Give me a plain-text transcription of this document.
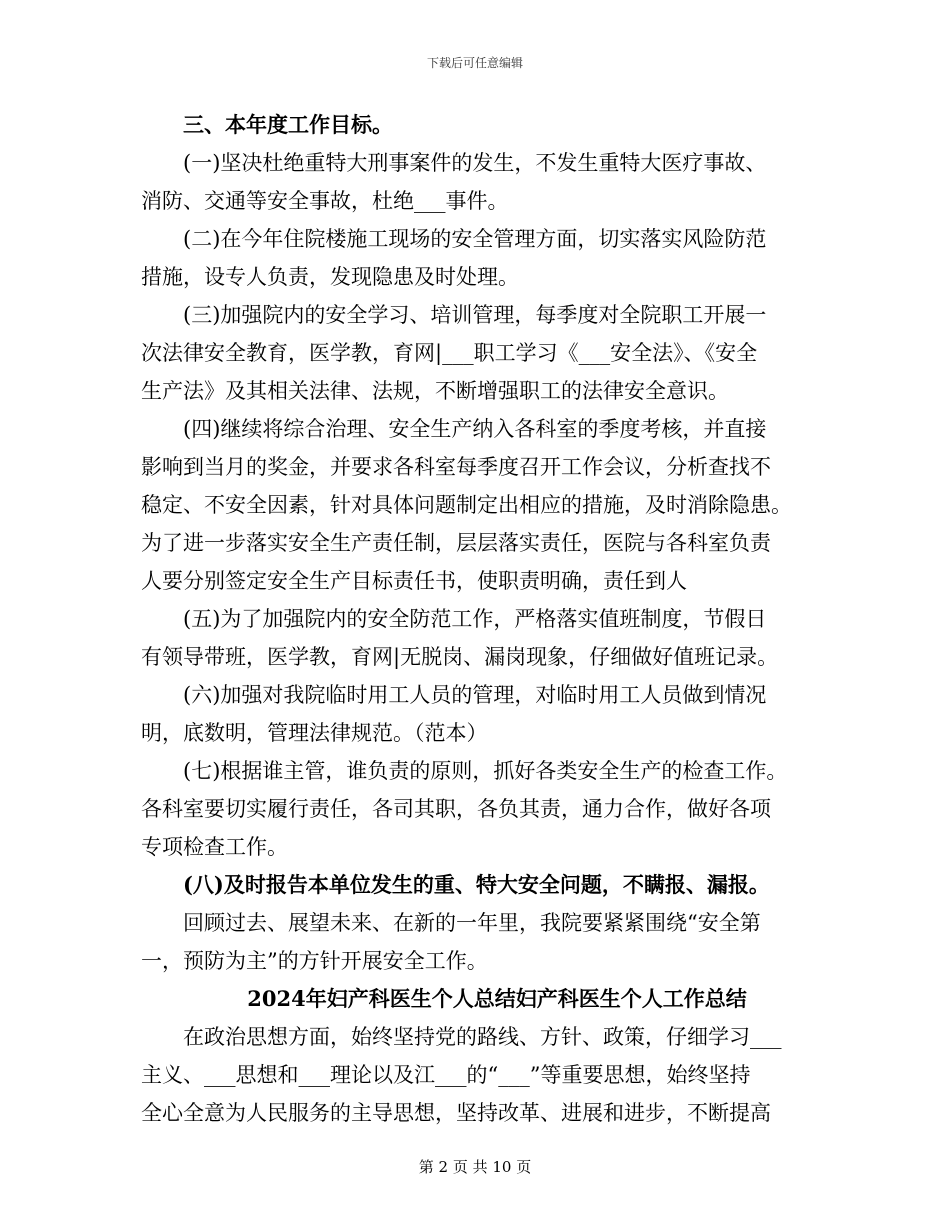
下载后可任意编辑
三、本年度工作目标。
(一)坚决杜绝重特大刑事案件的发生，不发生重特大医疗事故、
消防、交通等安全事故，杜绝___事件。
(二)在今年住院楼施工现场的安全管理方面，切实落实风险防范
措施，设专人负责，发现隐患及时处理。
(三)加强院内的安全学习、培训管理，每季度对全院职工开展一
次法律安全教育，医学教，育网|___职工学习《___安全法》、《安全
生产法》及其相关法律、法规，不断增强职工的法律安全意识。
(四)继续将综合治理、安全生产纳入各科室的季度考核，并直接
影响到当月的奖金，并要求各科室每季度召开工作会议，分析查找不
稳定、不安全因素，针对具体问题制定出相应的措施，及时消除隐患。
为了进一步落实安全生产责任制，层层落实责任，医院与各科室负责
人要分别签定安全生产目标责任书，使职责明确，责任到人
(五)为了加强院内的安全防范工作，严格落实值班制度，节假日
有领导带班，医学教，育网|无脱岗、漏岗现象，仔细做好值班记录。
(六)加强对我院临时用工人员的管理，对临时用工人员做到情况
明，底数明，管理法律规范。（范本）
(七)根据谁主管，谁负责的原则，抓好各类安全生产的检查工作。
各科室要切实履行责任，各司其职，各负其责，通力合作，做好各项
专项检查工作。
(八)及时报告本单位发生的重、特大安全问题，不瞒报、漏报。
回顾过去、展望未来、在新的一年里，我院要紧紧围绕“安全第
一，预防为主”的方针开展安全工作。
2024年妇产科医生个人总结妇产科医生个人工作总结
在政治思想方面，始终坚持党的路线、方针、政策，仔细学习___
主义、___思想和___理论以及江___的“___”等重要思想，始终坚持
全心全意为人民服务的主导思想，坚持改革、进展和进步，不断提高
第 2 页 共 10 页
